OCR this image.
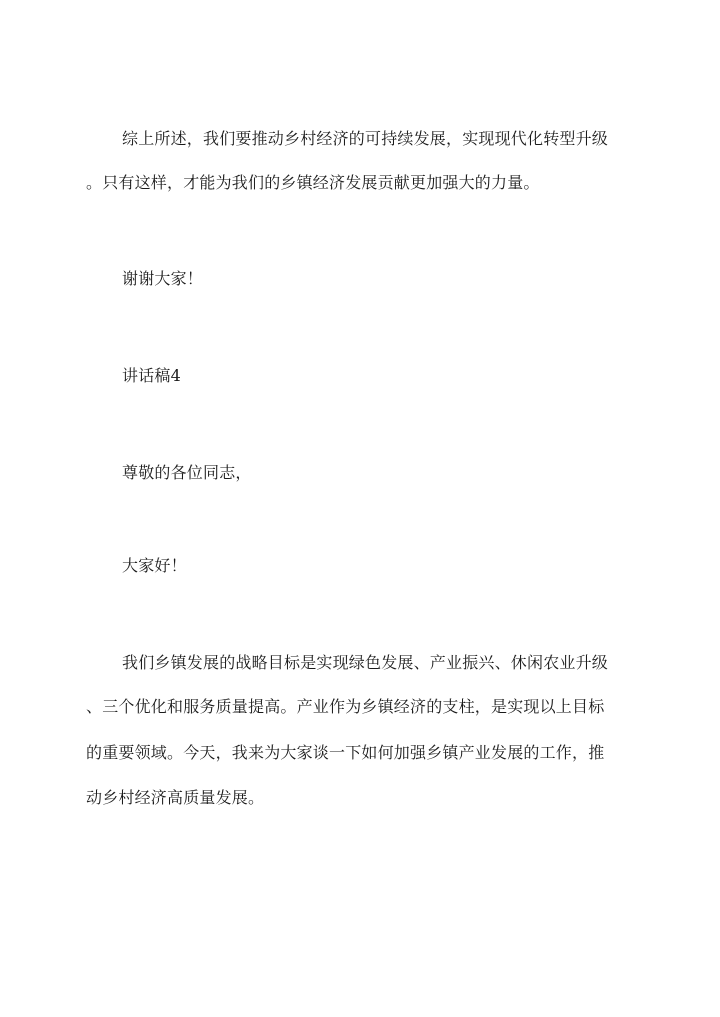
综上所述，我们要推动乡村经济的可持续发展，实现现代化转型升级
。只有这样，才能为我们的乡镇经济发展贡献更加强大的力量。
谢谢大家！
讲话稿4
尊敬的各位同志，
大家好！
我们乡镇发展的战略目标是实现绿色发展、产业振兴、休闲农业升级
、三个优化和服务质量提高。产业作为乡镇经济的支柱，是实现以上目标
的重要领域。今天，我来为大家谈一下如何加强乡镇产业发展的工作，推
动乡村经济高质量发展。
